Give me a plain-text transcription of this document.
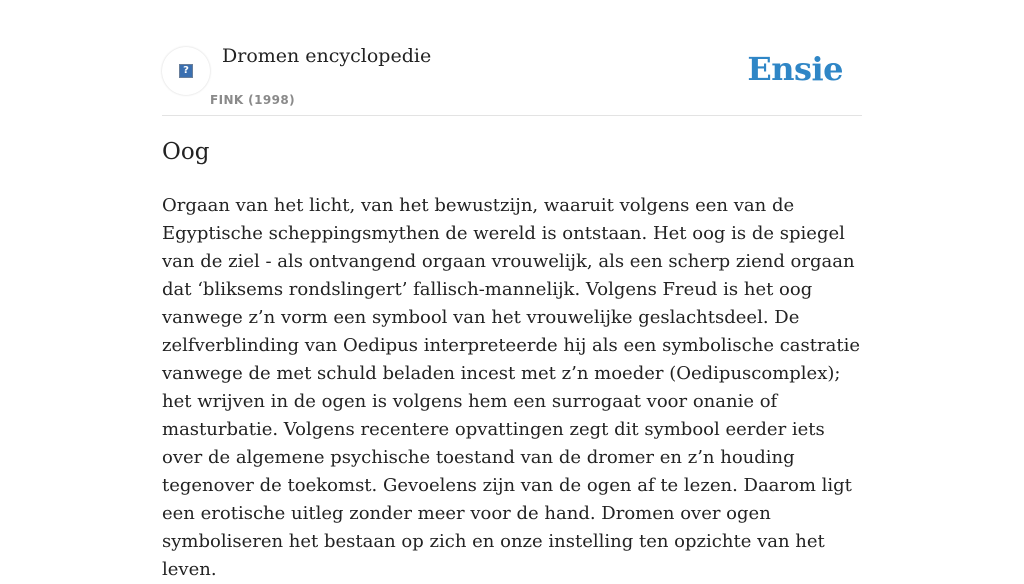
?
Dromen encyclopedie
FINK (1998)
Ensie
Oog

Orgaan van het licht, van het bewustzijn, waaruit volgens een van de Egyptische scheppingsmythen de wereld is ontstaan. Het oog is de spiegel van de ziel - als ontvangend orgaan vrouwelijk, als een scherp ziend orgaan dat ‘bliksems rondslingert’ fallisch-mannelijk. Volgens Freud is het oog vanwege z’n vorm een symbool van het vrouwelijke geslachtsdeel. De zelfverblinding van Oedipus interpreteerde hij als een symbolische castratie vanwege de met schuld beladen incest met z’n moeder (Oedipuscomplex); het wrijven in de ogen is volgens hem een surrogaat voor onanie of masturbatie. Volgens recentere opvattingen zegt dit symbool eerder iets over de algemene psychische toestand van de dromer en z’n houding tegenover de toekomst. Gevoelens zijn van de ogen af te lezen. Daarom ligt een erotische uitleg zonder meer voor de hand. Dromen over ogen symboliseren het bestaan op zich en onze instelling ten opzichte van het leven.
